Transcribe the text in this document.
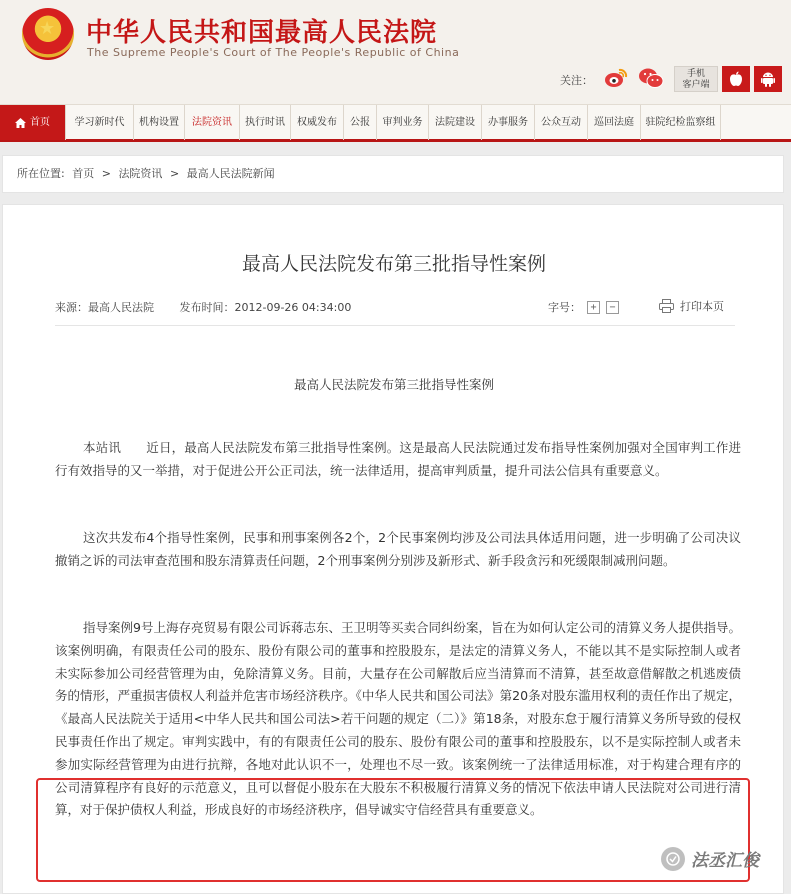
★
中华人民共和国最高人民法院
The Supreme People's Court of The People's Republic of China
关注：	手机
客户端
首页	学习新时代	机构设置	法院资讯	执行时讯	权威发布	公报	审判业务	法院建设	办事服务	公众互动	巡回法庭	驻院纪检监察组
所在位置: 首页 > 法院资讯 > 最高人民法院新闻
最高人民法院发布第三批指导性案例
来源：最高人民法院 发布时间：2012-09-26 04:34:00	字号： +	−	打印本页
最高人民法院发布第三批指导性案例

本站讯　　近日，最高人民法院发布第三批指导性案例。这是最高人民法院通过发布指导性案例加强对全国审判工作进行有效指导的又一举措，对于促进公开公正司法，统一法律适用，提高审判质量，提升司法公信具有重要意义。

这次共发布4个指导性案例，民事和刑事案例各2个，2个民事案例均涉及公司法具体适用问题，进一步明确了公司决议撤销之诉的司法审查范围和股东清算责任问题，2个刑事案例分别涉及新形式、新手段贪污和死缓限制减刑问题。

指导案例9号上海存亮贸易有限公司诉蒋志东、王卫明等买卖合同纠纷案，旨在为如何认定公司的清算义务人提供指导。该案例明确，有限责任公司的股东、股份有限公司的董事和控股股东，是法定的清算义务人，不能以其不是实际控制人或者未实际参加公司经营管理为由，免除清算义务。目前，大量存在公司解散后应当清算而不清算，甚至故意借解散之机逃废债务的情形，严重损害债权人利益并危害市场经济秩序。《中华人民共和国公司法》第20条对股东滥用权利的责任作出了规定，《最高人民法院关于适用<中华人民共和国公司法>若干问题的规定（二）》第18条，对股东怠于履行清算义务所导致的侵权民事责任作出了规定。审判实践中，有的有限责任公司的股东、股份有限公司的董事和控股股东，以不是实际控制人或者未参加实际经营管理为由进行抗辩，各地对此认识不一，处理也不尽一致。该案例统一了法律适用标准，对于构建合理有序的公司清算程序有良好的示范意义，且可以督促小股东在大股东不积极履行清算义务的情况下依法申请人民法院对公司进行清算，对于保护债权人利益，形成良好的市场经济秩序，倡导诚实守信经营具有重要意义。

法丞汇俊
